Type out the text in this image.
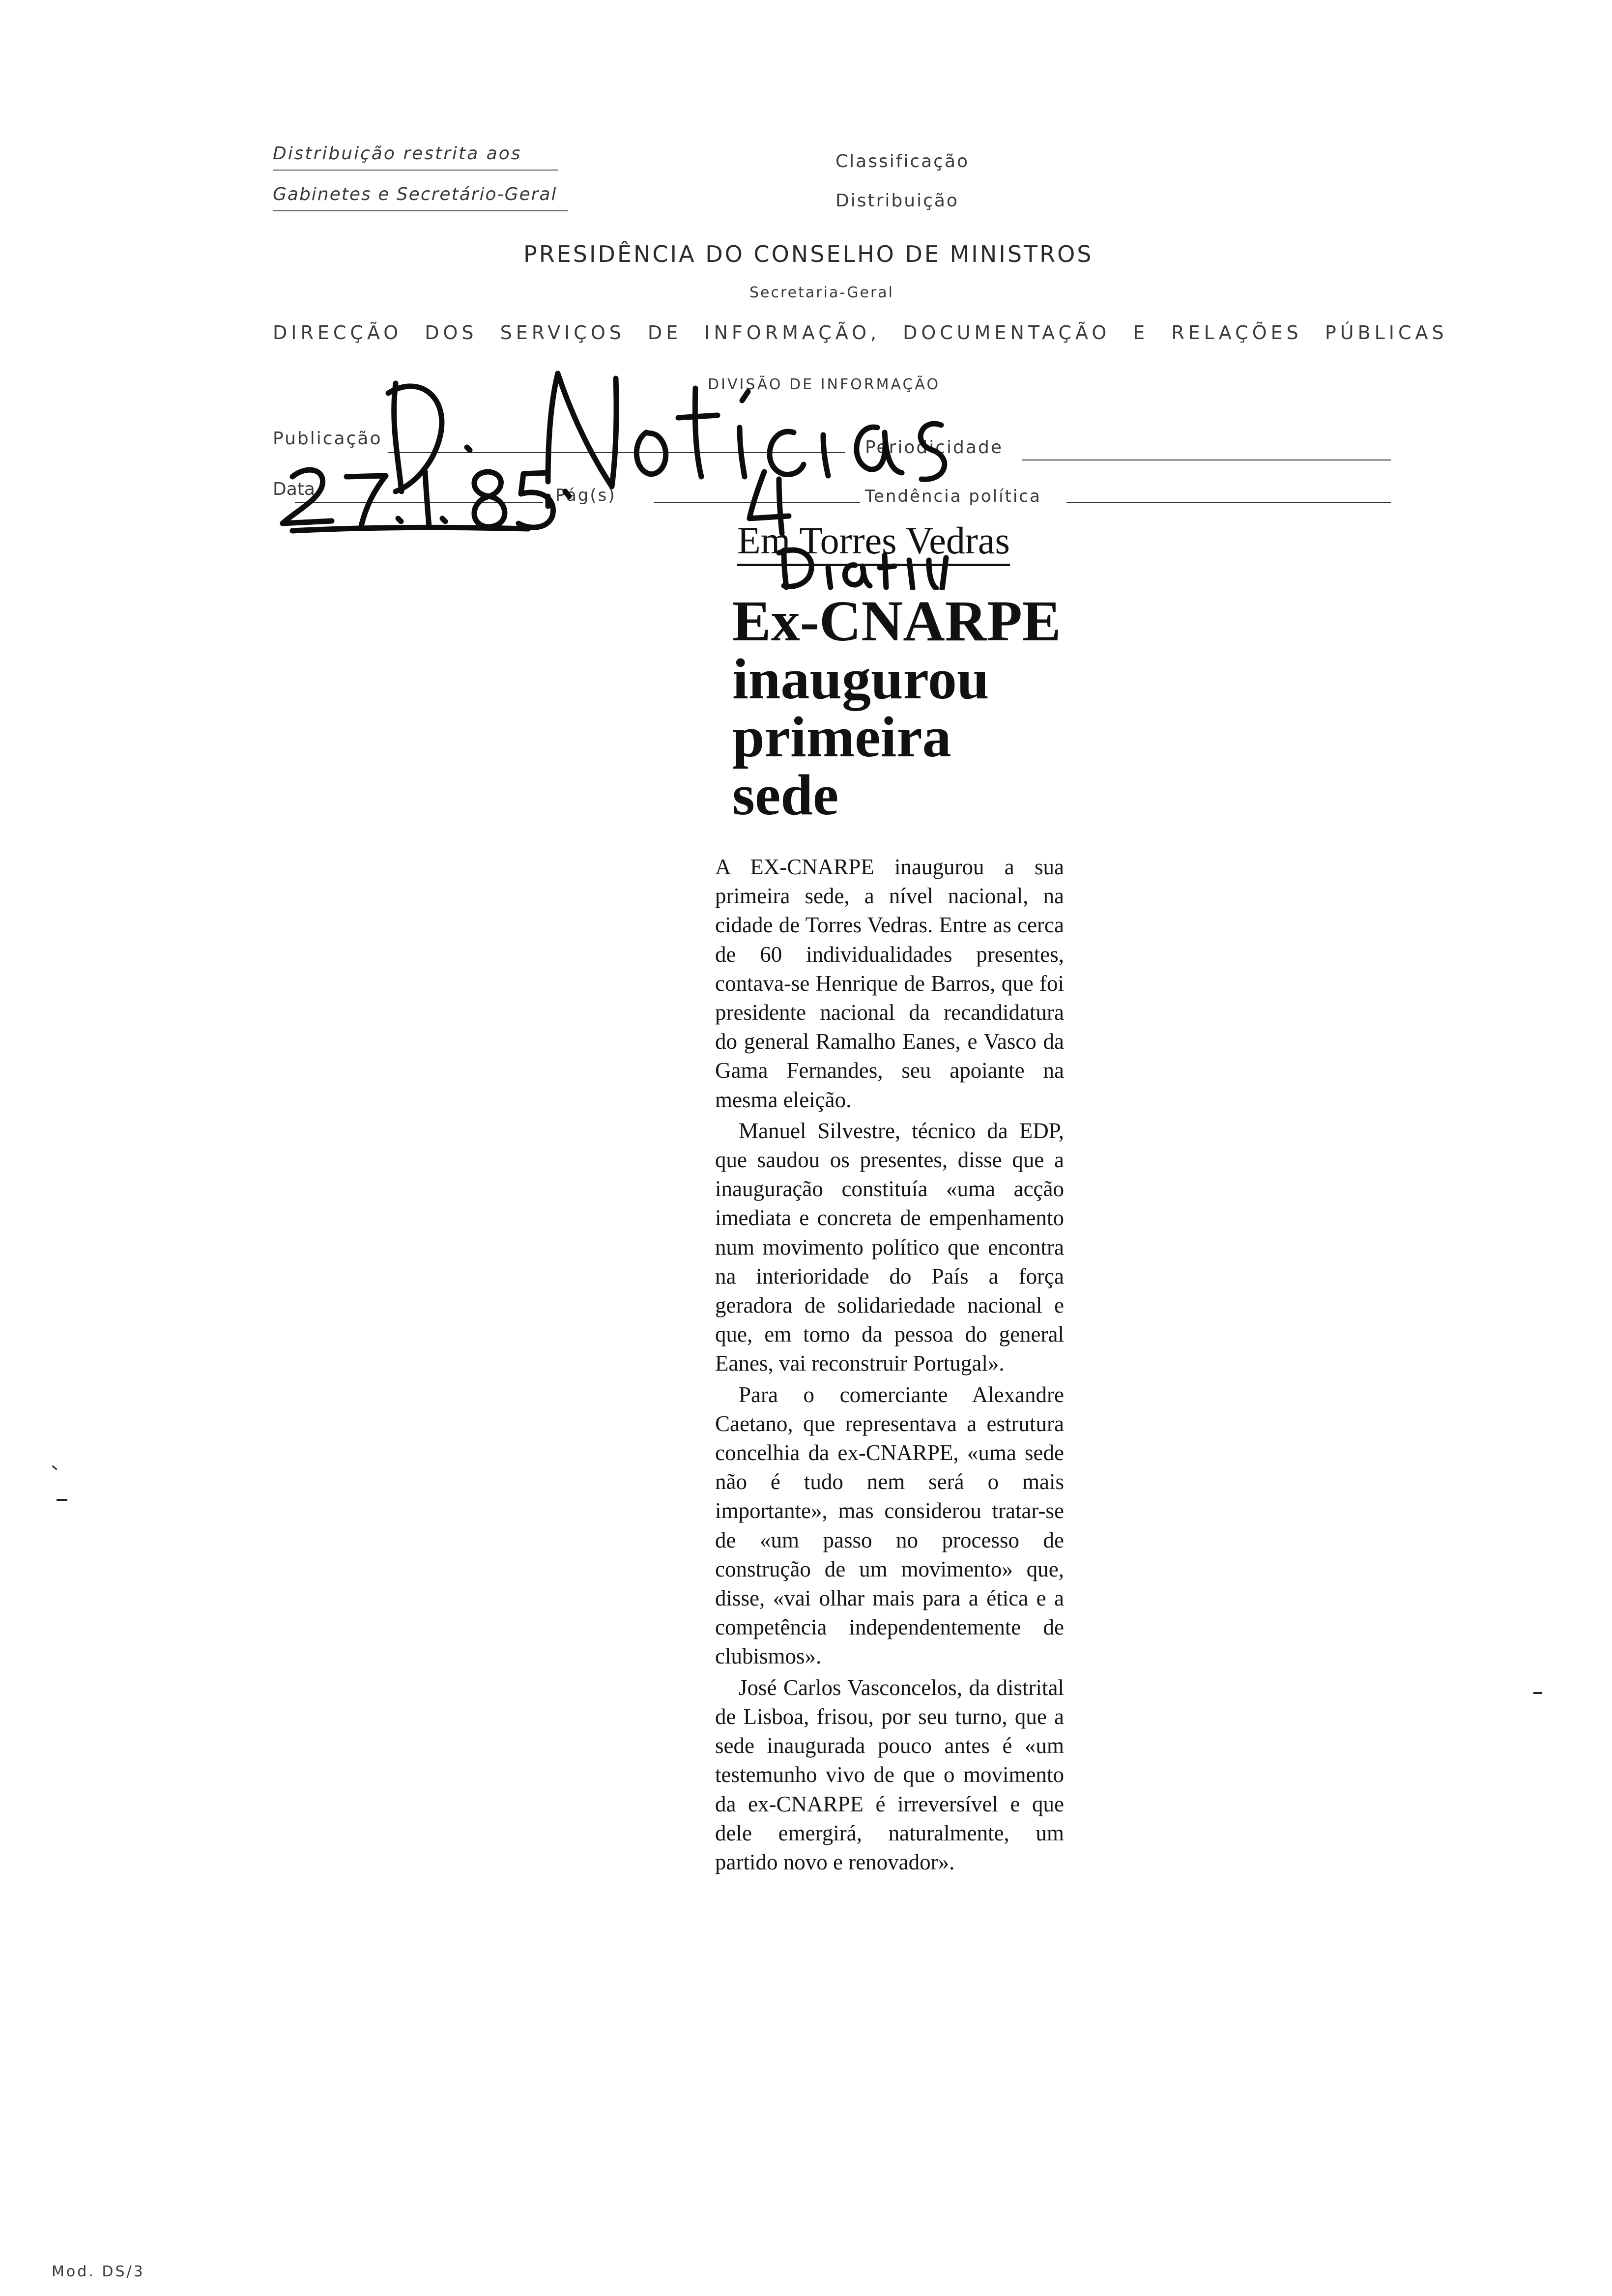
Distribuição restrita aos
Gabinetes e Secretário-Geral
Classificação
Distribuição
PRESIDÊNCIA DO CONSELHO DE MINISTROS
Secretaria-Geral
DIRECÇÃO DOS SERVIÇOS DE INFORMAÇÃO, DOCUMENTAÇÃO E RELAÇÕES PÚBLICAS
DIVISÃO DE INFORMAÇÃO
Publicação	Periodicidade
Data	Pág(s)	Tendência política
Em Torres Vedras
Ex-CNARPE
inaugurou
primeira
sede

A EX-CNARPE inaugurou a sua primeira sede, a nível nacional, na cidade de Torres Vedras. Entre as cerca de 60 individualidades presentes, contava-se Henrique de Barros, que foi presidente nacional da recandidatura do general Ramalho Eanes, e Vasco da Gama Fernandes, seu apoiante na mesma eleição.

Manuel Silvestre, técnico da EDP, que saudou os presentes, disse que a inauguração constituía «uma acção imediata e concreta de empenhamento num movimento político que encontra na interioridade do País a força geradora de solidariedade nacional e que, em torno da pessoa do general Eanes, vai reconstruir Portugal».

Para o comerciante Alexandre Caetano, que representava a estrutura concelhia da ex-CNARPE, «uma sede não é tudo nem será o mais importante», mas considerou tratar-se de «um passo no processo de construção de um movimento» que, disse, «vai olhar mais para a ética e a competência independentemente de clubismos».

José Carlos Vasconcelos, da distrital de Lisboa, frisou, por seu turno, que a sede inaugurada pouco antes é «um testemunho vivo de que o movimento da ex-CNARPE é irreversível e que dele emergirá, naturalmente, um partido novo e renovador».

Mod. DS/3
